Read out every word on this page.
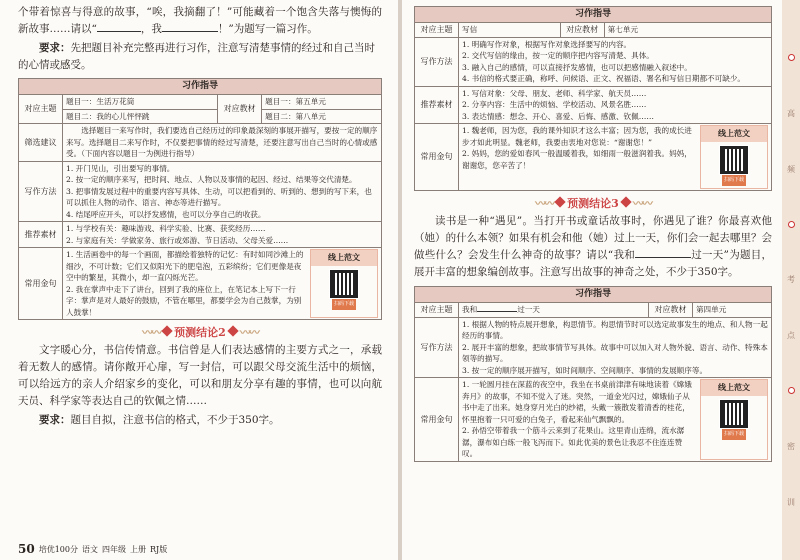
个带着惊喜与得意的故事，“唉，我摘翻了！”可能藏着一个饱含失落与懊悔的新故事……请以“	，我	！”为题写一篇习作。

要求：先把题目补充完整再进行习作，注意写清楚事情的经过和自己当时的心情或感受。

习作指导			
对应主题	题目一：生活万花筒	对应教材	题目一：第五单元
	题目二：我的心儿怦怦跳		题目二：第八单元
筛选建议	选择题目一来写作时，我们要选自己经历过的印象最深刻的事展开描写，要按一定的顺序来写。选择题目二来写作时，不仅要把事情的经过写清楚，还要注意写出自己当时的心情或感受。（下面内容以题目一为例进行指导）		
写作方法	1. 开门见山，引出要写的事情。
2. 按一定的顺序来写，把时间、地点、人物以及事情的起因、经过、结果等交代清楚。
3. 把事情发展过程中的重要内容写具体、生动，可以把看到的、听到的、想到的写下来，也可以抓住人物的动作、语言、神态等进行描写。
4. 结尾呼应开头，可以抒发感情，也可以分享自己的收获。		

推荐素材	1. 与学校有关：趣味游戏、科学实验、比赛、获奖经历……
2. 与家庭有关：学做家务、旅行或郊游、节日活动、父母关爱……		

常用金句	1. 生活画卷中的每一个画面，都描绘着独特的记忆：有时如同沙滩上的细沙，不可计数；它们又似阳光下的肥皂泡，五彩缤纷；它们更像是夜空中的繁星，其微小，却一直闪烁光芒。
2. 我在掌声中走下了讲台，回到了我的座位上，在笔记本上写下一行字：掌声是对人最好的鼓励，不管在哪里，都要学会为自己鼓掌，为别人鼓掌！
线上范文
扫码下载		
〰〰 预测结论2 〰〰

文字暖心分，书信传情意。书信曾是人们表达感情的主要方式之一，承载着无数人的感情。请你敞开心扉，写一封信，可以跟父母交流生活中的烦恼，可以给远方的亲人介绍家乡的变化，可以和朋友分享有趣的事情，也可以向航天员、科学家等表达自己的钦佩之情……

要求：题目自拟，注意书信的格式，不少于350字。

50 培优100分 语文 四年级 上册 RJ版
习作指导			
对应主题	写信	对应教材	第七单元
写作方法	1. 明确写作对象，根据写作对象选择要写的内容。
2. 交代写信的缘由，按一定的顺序把内容写清楚、具体。
3. 融入自己的感情，可以直接抒发感情，也可以把感情融入叙述中。
4. 书信的格式要正确，称呼、问候语、正文、祝福语、署名和写信日期都不可缺少。		

推荐素材	1. 写信对象：父母、朋友、老师、科学家、航天员……
2. 分享内容：生活中的烦恼、学校活动、风景名胜……
3. 表达情感：想念、开心、喜爱、后悔、感激、钦佩……		

常用金句	1. 魏老师，因为您，我的课外知识才这么丰富；因为您，我的成长进步才如此明显。魏老师，我要由衷地对您说：“谢谢您！”
2. 妈妈，您的爱如春风一般温暖着我，如细雨一般滋润着我。妈妈，谢谢您，您辛苦了！
线上范文
扫码下载		
〰〰 预测结论3 〰〰

读书是一种“遇见”。当打开书或童话故事时，你遇见了谁？你最喜欢他（她）的什么本领？如果有机会和他（她）过上一天，你们会一起去哪里？会做些什么？会发生什么神奇的故事？请以“我和	过一天”为题目，展开丰富的想象编创故事。注意写出故事的神奇之处，不少于350字。

习作指导			
对应主题	我和 过一天	对应教材	第四单元
写作方法	1. 根据人物的特点展开想象，构思情节。构思情节时可以选定故事发生的地点、和人物一起经历的事情。
2. 展开丰富的想象，把故事情节写具体。故事中可以加入对人物外貌、语言、动作、特殊本领等的描写。
3. 按一定的顺序展开描写，如时间顺序、空间顺序、事情的发展顺序等。		

常用金句	1. 一轮圆月挂在深蓝的夜空中，我坐在书桌前津津有味地读着《嫦娥奔月》的故事，不知不觉入了迷。突然，一道金光闪过，嫦娥仙子从书中走了出来。她身穿月光白的纱裙，头戴一簇散发着清香的桂花，怀里抱着一只可爱的白兔子，看起来仙气飘飘的。
2. 孙悟空带着我一个筋斗云来到了花果山。这里青山连绵，流水潺潺，瀑布如白练一般飞泻而下。如此优美的景色让我忍不住连连赞叹。
线上范文
扫码下载		
高
频
考
点
密
训
